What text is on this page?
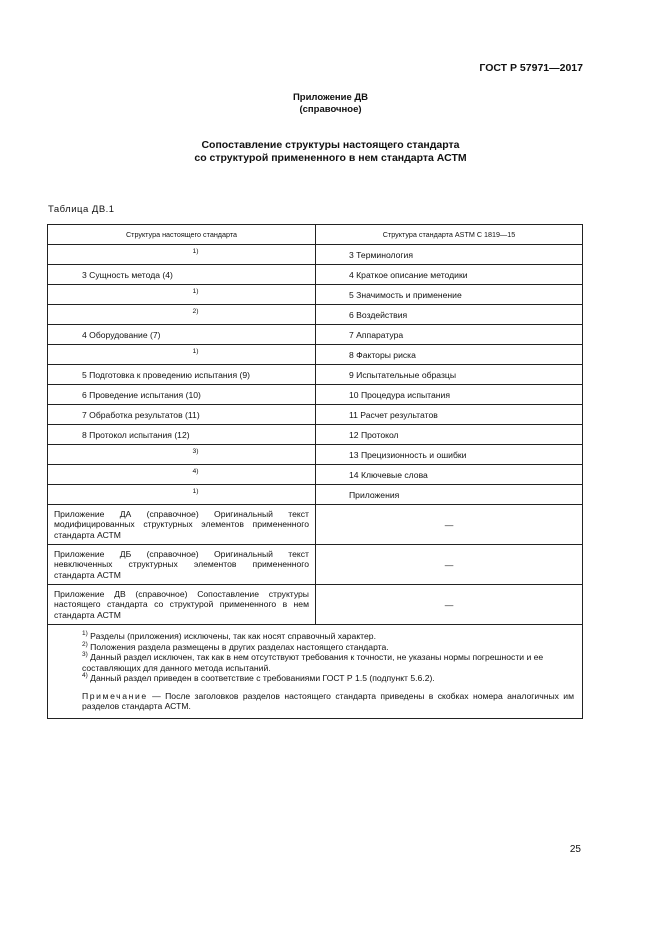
ГОСТ Р 57971—2017
Приложение ДВ
(справочное)
Сопоставление структуры настоящего стандарта
со структурой примененного в нем стандарта АСТМ
Таблица ДВ.1
Структура настоящего стандарта	Структура стандарта ASTM С 1819—15

1)	3 Терминология
3 Сущность метода (4)	4 Краткое описание методики

1)	5 Значимость и применение

2)	6 Воздействия
4 Оборудование (7)	7 Аппаратура

1)	8 Факторы риска
5 Подготовка к проведению испытания (9)	9 Испытательные образцы
6 Проведение испытания (10)	10 Процедура испытания
7 Обработка результатов (11)	11 Расчет результатов
8 Протокол испытания (12)	12 Протокол

3)	13 Прецизионность и ошибки

4)	14 Ключевые слова

1)	Приложения
Приложение ДА (справочное) Оригинальный текст модифицированных структурных элементов примененного стандарта АСТМ	—
Приложение ДБ (справочное) Оригинальный текст невключенных структурных элементов примененного стандарта АСТМ	—
Приложение ДВ (справочное) Сопоставление структуры настоящего стандарта со структурой примененного в нем стандарта АСТМ	—

$^{1)}$ Разделы (приложения) исключены, так как носят справочный характер.
$^{2)}$ Положения раздела размещены в других разделах настоящего стандарта.
$^{3)}$ Данный раздел исключен, так как в нем отсутствуют требования к точности, не указаны нормы погрешности и ее составляющих для данного метода испытаний.
$^{4)}$ Данный раздел приведен в соответствие с требованиями ГОСТ Р 1.5 (подпункт 5.6.2).
Примечание — После заголовков разделов настоящего стандарта приведены в скобках номера аналогичных им разделов стандарта АСТМ.	
25
